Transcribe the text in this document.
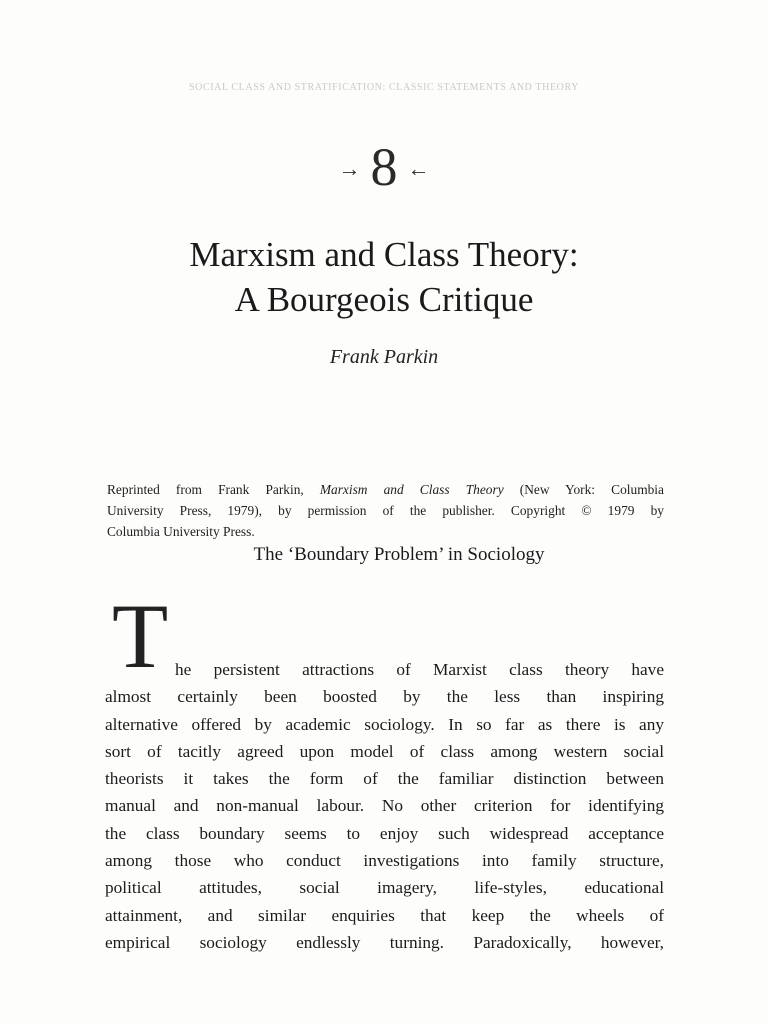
SOCIAL CLASS AND STRATIFICATION: CLASSIC STATEMENTS AND THEORY
→ 8 ←
Marxism and Class Theory:
A Bourgeois Critique
Frank Parkin
Reprinted from Frank Parkin, Marxism and Class Theory (New York: Columbia
University Press, 1979), by permission of the publisher. Copyright © 1979 by
Columbia University Press.
The ‘Boundary Problem’ in Sociology
T he persistent attractions of Marxist class theory have
almost certainly been boosted by the less than inspiring
alternative offered by academic sociology. In so far as there is any
sort of tacitly agreed upon model of class among western social
theorists it takes the form of the familiar distinction between
manual and non-manual labour. No other criterion for identifying
the class boundary seems to enjoy such widespread acceptance
among those who conduct investigations into family structure,
political attitudes, social imagery, life-styles, educational
attainment, and similar enquiries that keep the wheels of
empirical sociology endlessly turning. Paradoxically, however,
